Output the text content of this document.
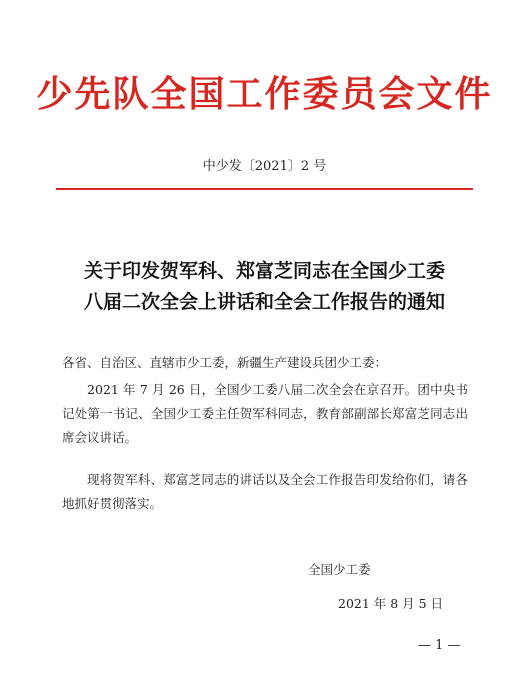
少先队全国工作委员会文件
中少发〔2021〕2 号
关于印发贺军科、郑富芝同志在全国少工委
八届二次全会上讲话和全会工作报告的通知
各省、自治区、直辖市少工委，新疆生产建设兵团少工委：
2021 年 7 月 26 日，全国少工委八届二次全会在京召开。团中央书记处第一书记、全国少工委主任贺军科同志，教育部副部长郑富芝同志出席会议讲话。
现将贺军科、郑富芝同志的讲话以及全会工作报告印发给你们，请各地抓好贯彻落实。
全国少工委
2021 年 8 月 5 日
— 1 —
